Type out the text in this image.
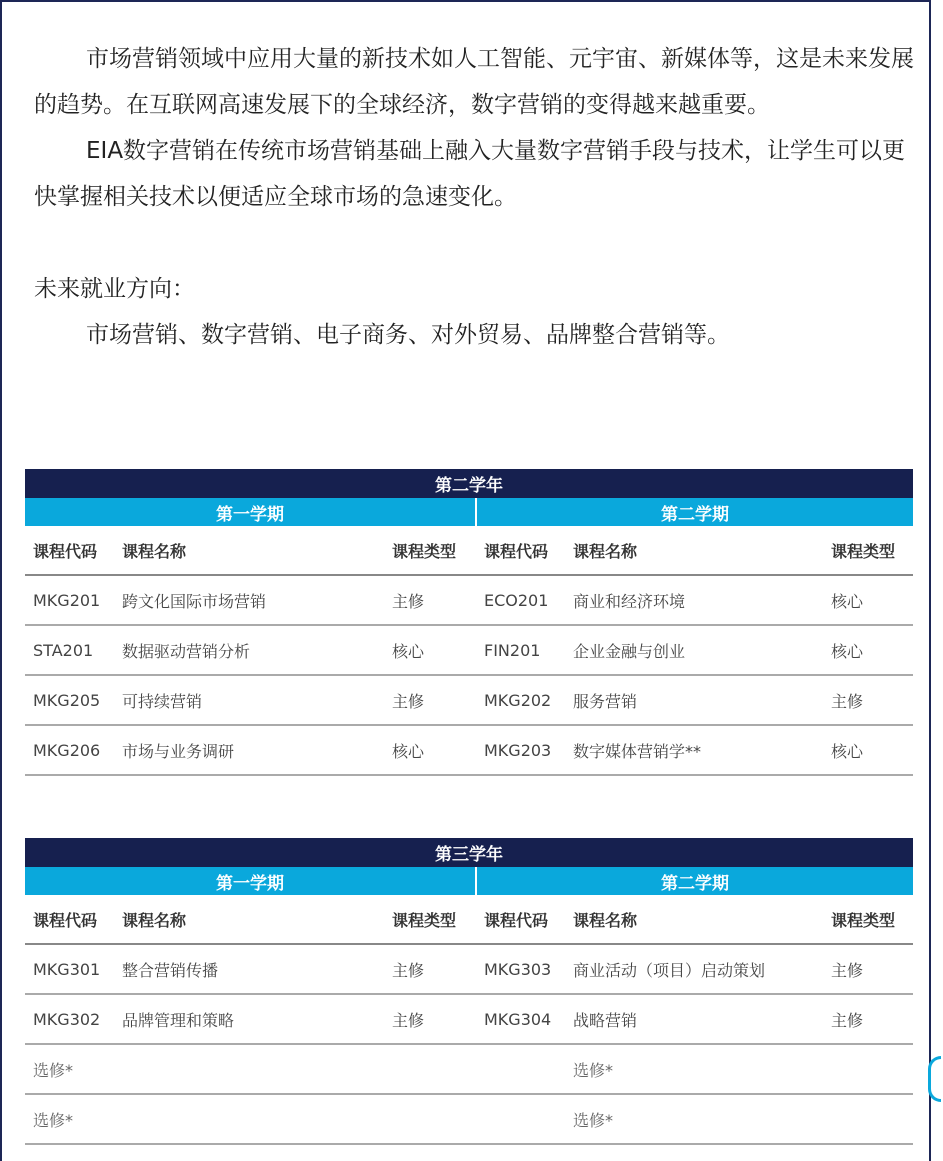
市场营销领域中应用大量的新技术如人工智能、元宇宙、新媒体等，这是未来发展的趋势。在互联网高速发展下的全球经济，数字营销的变得越来越重要。

EIA数字营销在传统市场营销基础上融入大量数字营销手段与技术，让学生可以更快掌握相关技术以便适应全球市场的急速变化。

未来就业方向：

市场营销、数字营销、电子商务、对外贸易、品牌整合营销等。

第二学年					
第一学期			第二学期		
课程代码	课程名称	课程类型	课程代码	课程名称	课程类型
MKG201	跨文化国际市场营销	主修	ECO201	商业和经济环境	核心
STA201	数据驱动营销分析	核心	FIN201	企业金融与创业	核心
MKG205	可持续营销	主修	MKG202	服务营销	主修
MKG206	市场与业务调研	核心	MKG203	数字媒体营销学**	核心
第三学年					
第一学期			第二学期		
课程代码	课程名称	课程类型	课程代码	课程名称	课程类型
MKG301	整合营销传播	主修	MKG303	商业活动（项目）启动策划	主修
MKG302	品牌管理和策略	主修	MKG304	战略营销	主修
选修*				选修*	
选修*				选修*	
